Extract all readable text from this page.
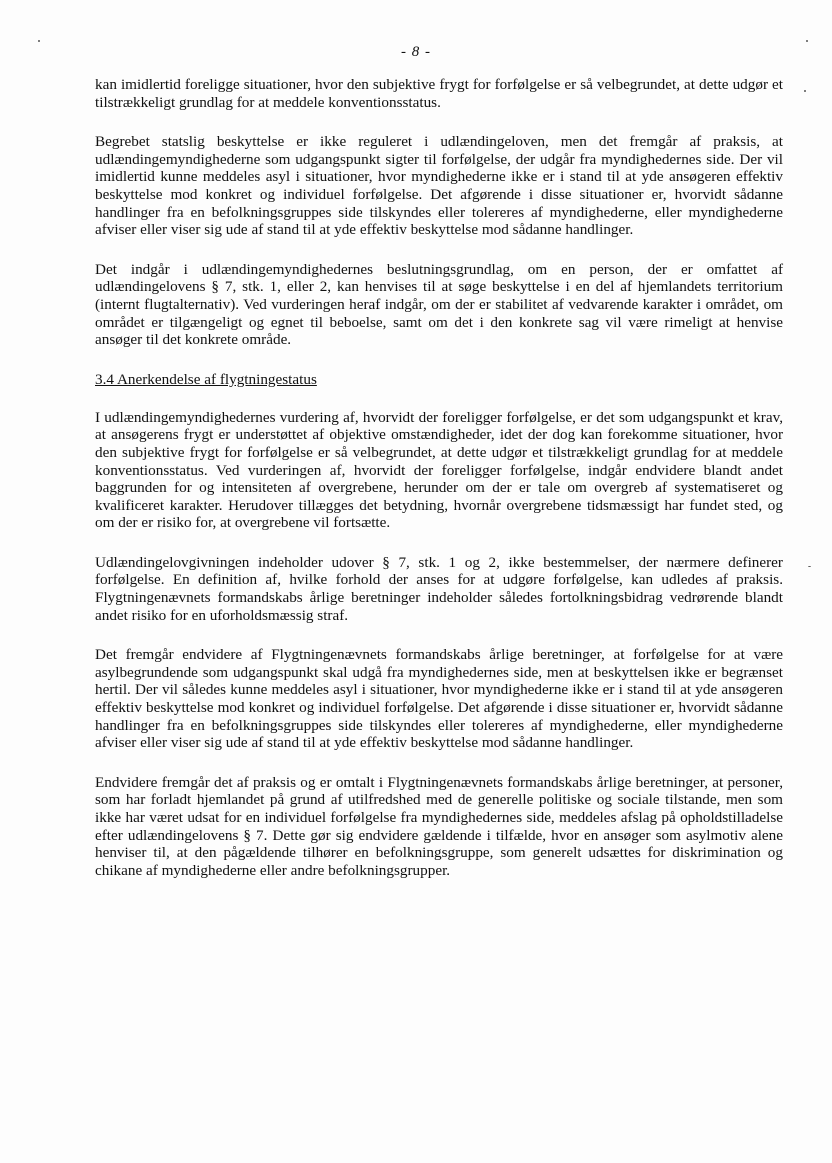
- 8 -

kan imidlertid foreligge situationer, hvor den subjektive frygt for forfølgelse er så velbegrundet, at dette udgør et tilstrækkeligt grundlag for at meddele konventionsstatus.

Begrebet statslig beskyttelse er ikke reguleret i udlændingeloven, men det fremgår af praksis, at udlændingemyndighederne som udgangspunkt sigter til forfølgelse, der udgår fra myndighedernes side. Der vil imidlertid kunne meddeles asyl i situationer, hvor myndighederne ikke er i stand til at yde ansøgeren effektiv beskyttelse mod konkret og individuel forfølgelse. Det afgørende i disse situationer er, hvorvidt sådanne handlinger fra en befolkningsgruppes side tilskyndes eller tolereres af myndighederne, eller myndighederne afviser eller viser sig ude af stand til at yde effektiv beskyttelse mod sådanne handlinger.

Det indgår i udlændingemyndighedernes beslutningsgrundlag, om en person, der er omfattet af udlændingelovens § 7, stk. 1, eller 2, kan henvises til at søge beskyttelse i en del af hjemlandets territorium (internt flugtalternativ). Ved vurderingen heraf indgår, om der er stabilitet af vedvarende karakter i området, om området er tilgængeligt og egnet til beboelse, samt om det i den konkrete sag vil være rimeligt at henvise ansøger til det konkrete område.

3.4 Anerkendelse af flygtningestatus

I udlændingemyndighedernes vurdering af, hvorvidt der foreligger forfølgelse, er det som udgangspunkt et krav, at ansøgerens frygt er understøttet af objektive omstændigheder, idet der dog kan forekomme situationer, hvor den subjektive frygt for forfølgelse er så velbegrundet, at dette udgør et tilstrækkeligt grundlag for at meddele konventionsstatus. Ved vurderingen af, hvorvidt der foreligger forfølgelse, indgår endvidere blandt andet baggrunden for og intensiteten af overgrebene, herunder om der er tale om overgreb af systematiseret og kvalificeret karakter. Herudover tillægges det betydning, hvornår overgrebene tidsmæssigt har fundet sted, og om der er risiko for, at overgrebene vil fortsætte.

Udlændingelovgivningen indeholder udover § 7, stk. 1 og 2, ikke bestemmelser, der nærmere definerer forfølgelse. En definition af, hvilke forhold der anses for at udgøre forfølgelse, kan udledes af praksis. Flygtningenævnets formandskabs årlige beretninger indeholder således fortolkningsbidrag vedrørende blandt andet risiko for en uforholdsmæssig straf.

Det fremgår endvidere af Flygtningenævnets formandskabs årlige beretninger, at forfølgelse for at være asylbegrundende som udgangspunkt skal udgå fra myndighedernes side, men at beskyttelsen ikke er begrænset hertil. Der vil således kunne meddeles asyl i situationer, hvor myndighederne ikke er i stand til at yde ansøgeren effektiv beskyttelse mod konkret og individuel forfølgelse. Det afgørende i disse situationer er, hvorvidt sådanne handlinger fra en befolkningsgruppes side tilskyndes eller tolereres af myndighederne, eller myndighederne afviser eller viser sig ude af stand til at yde effektiv beskyttelse mod sådanne handlinger.

Endvidere fremgår det af praksis og er omtalt i Flygtningenævnets formandskabs årlige beretninger, at personer, som har forladt hjemlandet på grund af utilfredshed med de generelle politiske og sociale tilstande, men som ikke har været udsat for en individuel forfølgelse fra myndighedernes side, meddeles afslag på opholdstilladelse efter udlændingelovens § 7. Dette gør sig endvidere gældende i tilfælde, hvor en ansøger som asylmotiv alene henviser til, at den pågældende tilhører en befolkningsgruppe, som generelt udsættes for diskrimination og chikane af myndighederne eller andre befolkningsgrupper.
